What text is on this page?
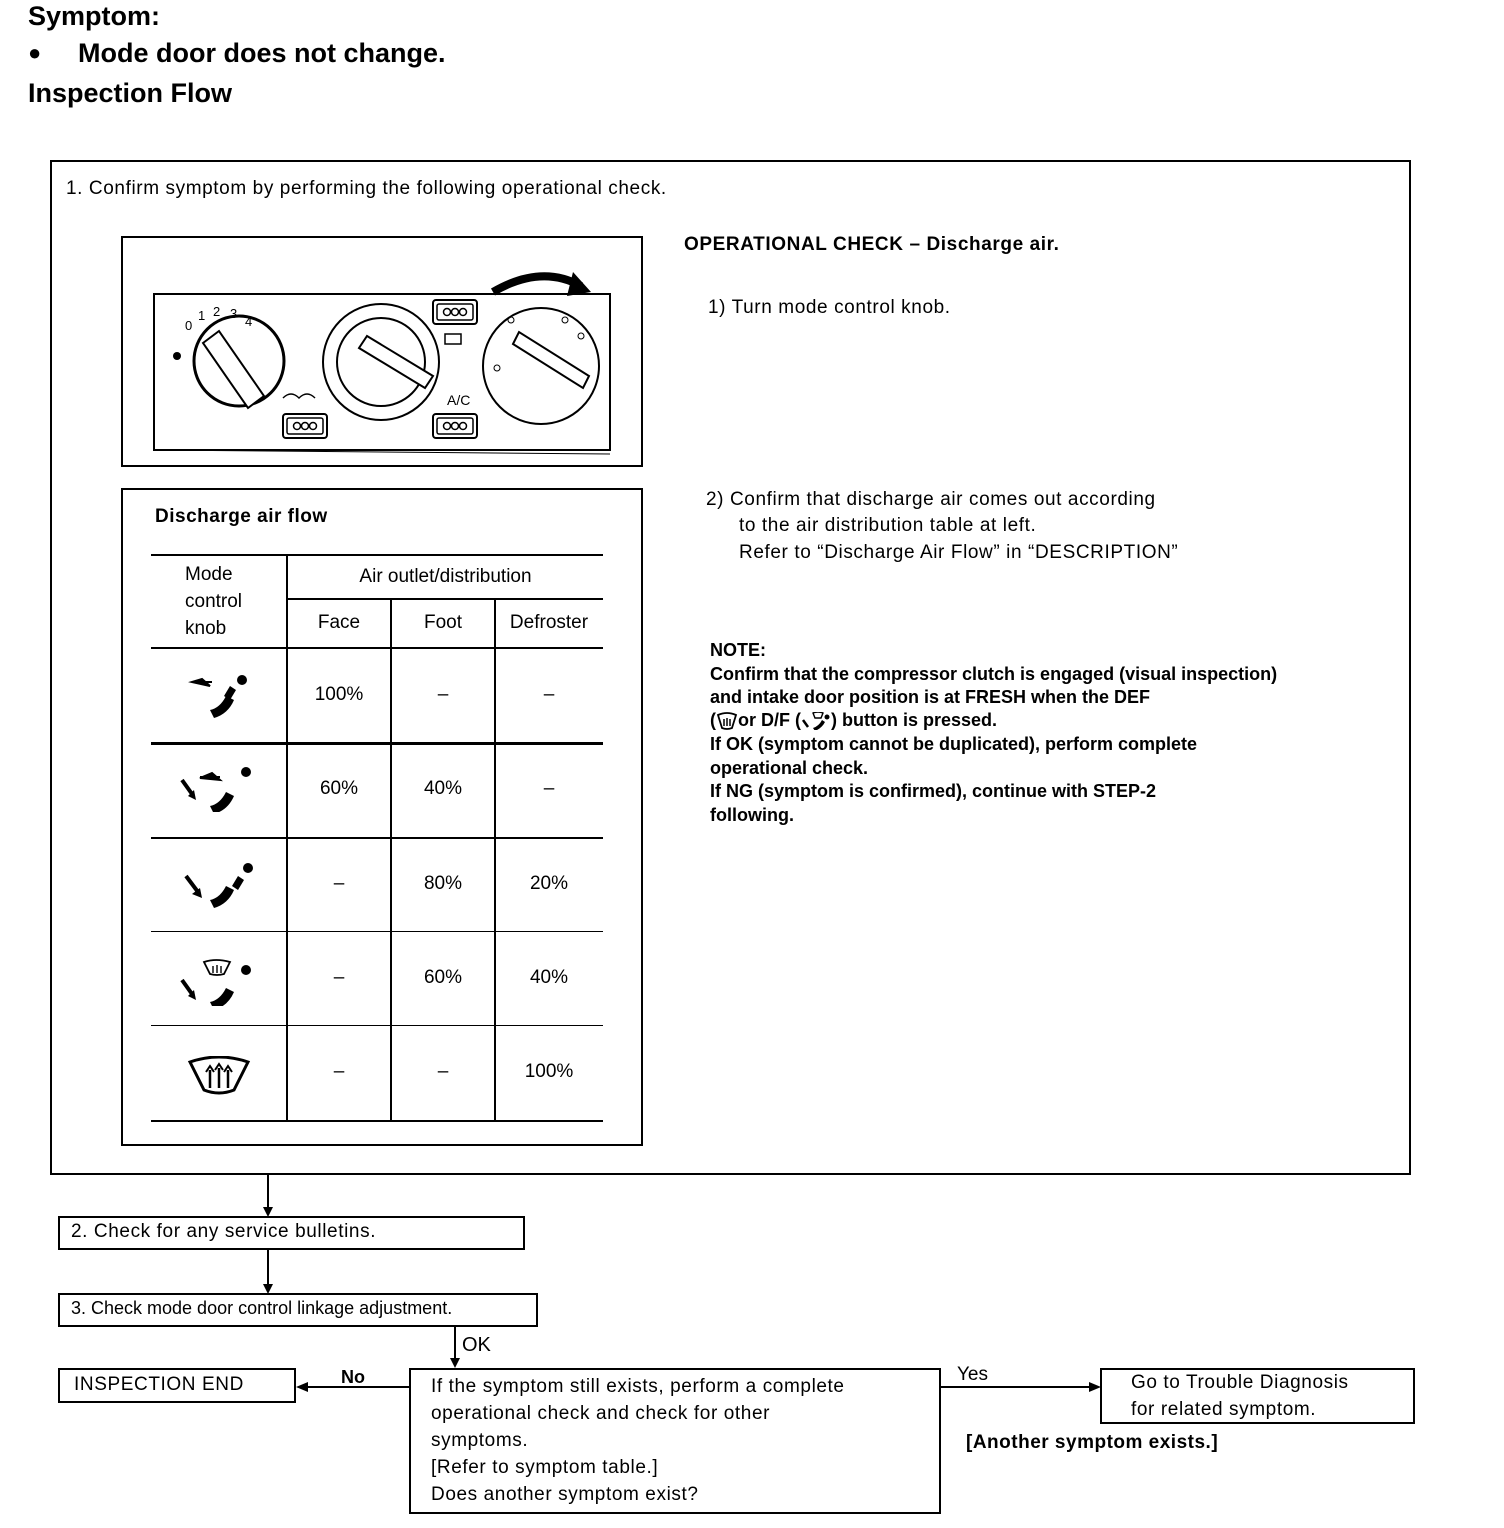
Symptom:
● Mode door does not change.
Inspection Flow
1. Confirm symptom by performing the following operational check.
0
1 2 3
4
A/C
OPERATIONAL CHECK – Discharge air.
1) Turn mode control knob.
2) Confirm that discharge air comes out according
to the air distribution table at left.
Refer to “Discharge Air Flow” in “DESCRIPTION”
NOTE:
Confirm that the compressor clutch is engaged (visual inspection)
and intake door position is at FRESH when the DEF
( or D/F ( ) button is pressed.
If OK (symptom cannot be duplicated), perform complete
operational check.
If NG (symptom is confirmed), continue with STEP-2
following.
Discharge air flow
Mode
control
knob
Air outlet/distribution
Face	Foot	Defroster
100%	–	–
60%	40%	–
–	80%	20%
–	60%	40%
–	–	100%
2. Check for any service bulletins.
3. Check mode door control linkage adjustment.
OK
INSPECTION END	No	If the symptom still exists, perform a complete
operational check and check for other
symptoms.
[Refer to symptom table.]
Does another symptom exist?
Yes	Go to Trouble Diagnosis
for related symptom.
[Another symptom exists.]
